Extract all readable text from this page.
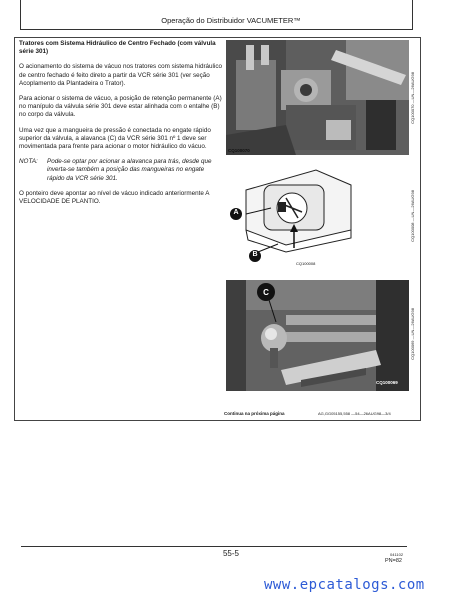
Operação do Distribuidor VACUMETER™

Tratores com Sistema Hidráulico de Centro Fechado (com válvula série 301)

O acionamento do sistema de vácuo nos tratores com sistema hidráulico de centro fechado é feito direto a partir da VCR série 301 (ver seção Acoplamento da Plantadeira o Trator).

Para acionar o sistema de vácuo, a posição de retenção permanente (A) no manípulo da válvula série 301 deve estar alinhada com o entalhe (B) no corpo da válvula.

Uma vez que a mangueira de pressão é conectada no engate rápido superior da válvula, a alavanca (C) da VCR série 301 nº 1 deve ser movimentada para frente para acionar o motor hidráulico do vácuo.

NOTA:	Pode-se optar por acionar a alavanca para trás, desde que inverta-se também a posição das mangueiras no engate rápido da VCR série 301.

O ponteiro deve apontar ao nível de vácuo indicado anteriormente A VELOCIDADE DE PLANTIO.

CQ100070
CQ100070 —UN—26AUG98
A
B
CQ100008
CQ100008 —UN—26AUG98
C
CQ100069
CQ100069 —UN—26AUG98
Continua na próxima página	AG,GG05155,558 —54—26AUG98—3/4
55-5	041102
PN=82
www.epcatalogs.com
